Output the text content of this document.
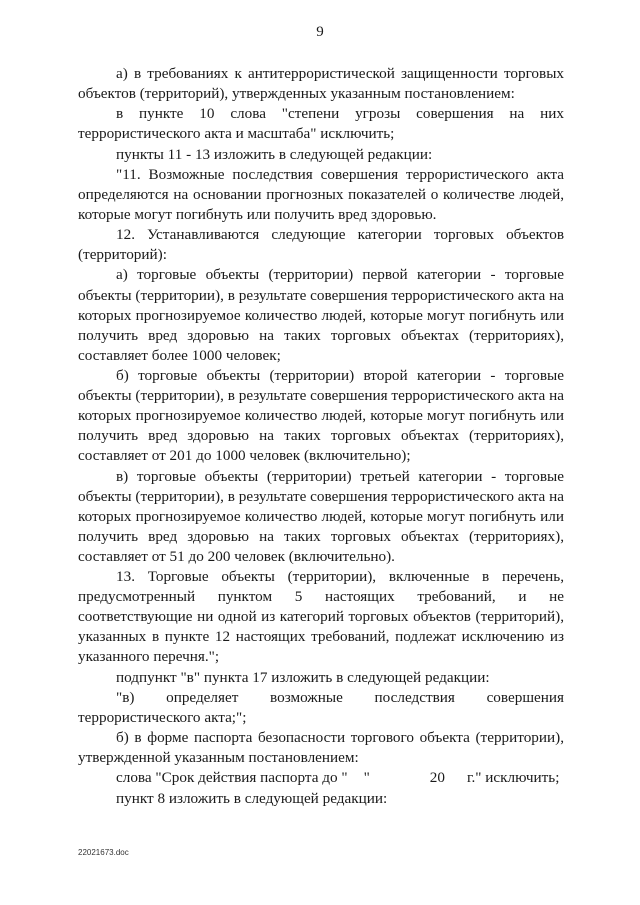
9

а) в требованиях к антитеррористической защищенности торговых объектов (территорий), утвержденных указанным постановлением:

в пункте 10 слова "степени угрозы совершения на них террористического акта и масштаба" исключить;

пункты 11 - 13 изложить в следующей редакции:

"11. Возможные последствия совершения террористического акта определяются на основании прогнозных показателей о количестве людей, которые могут погибнуть или получить вред здоровью.

12. Устанавливаются следующие категории торговых объектов (территорий):

а) торговые объекты (территории) первой категории - торговые объекты (территории), в результате совершения террористического акта на которых прогнозируемое количество людей, которые могут погибнуть или получить вред здоровью на таких торговых объектах (территориях), составляет более 1000 человек;

б) торговые объекты (территории) второй категории - торговые объекты (территории), в результате совершения террористического акта на которых прогнозируемое количество людей, которые могут погибнуть или получить вред здоровью на таких торговых объектах (территориях), составляет от 201 до 1000 человек (включительно);

в) торговые объекты (территории) третьей категории - торговые объекты (территории), в результате совершения террористического акта на которых прогнозируемое количество людей, которые могут погибнуть или получить вред здоровью на таких торговых объектах (территориях), составляет от 51 до 200 человек (включительно).

13. Торговые объекты (территории), включенные в перечень, предусмотренный пунктом 5 настоящих требований, и не соответствующие ни одной из категорий торговых объектов (территорий), указанных в пункте 12 настоящих требований, подлежат исключению из указанного перечня.";

подпункт "в" пункта 17 изложить в следующей редакции:

"в) определяет возможные последствия совершения террористического акта;";

б) в форме паспорта безопасности торгового объекта (территории), утвержденной указанным постановлением:

слова "Срок действия паспорта до " "	20 г." исключить;

пункт 8 изложить в следующей редакции:

22021673.doc
